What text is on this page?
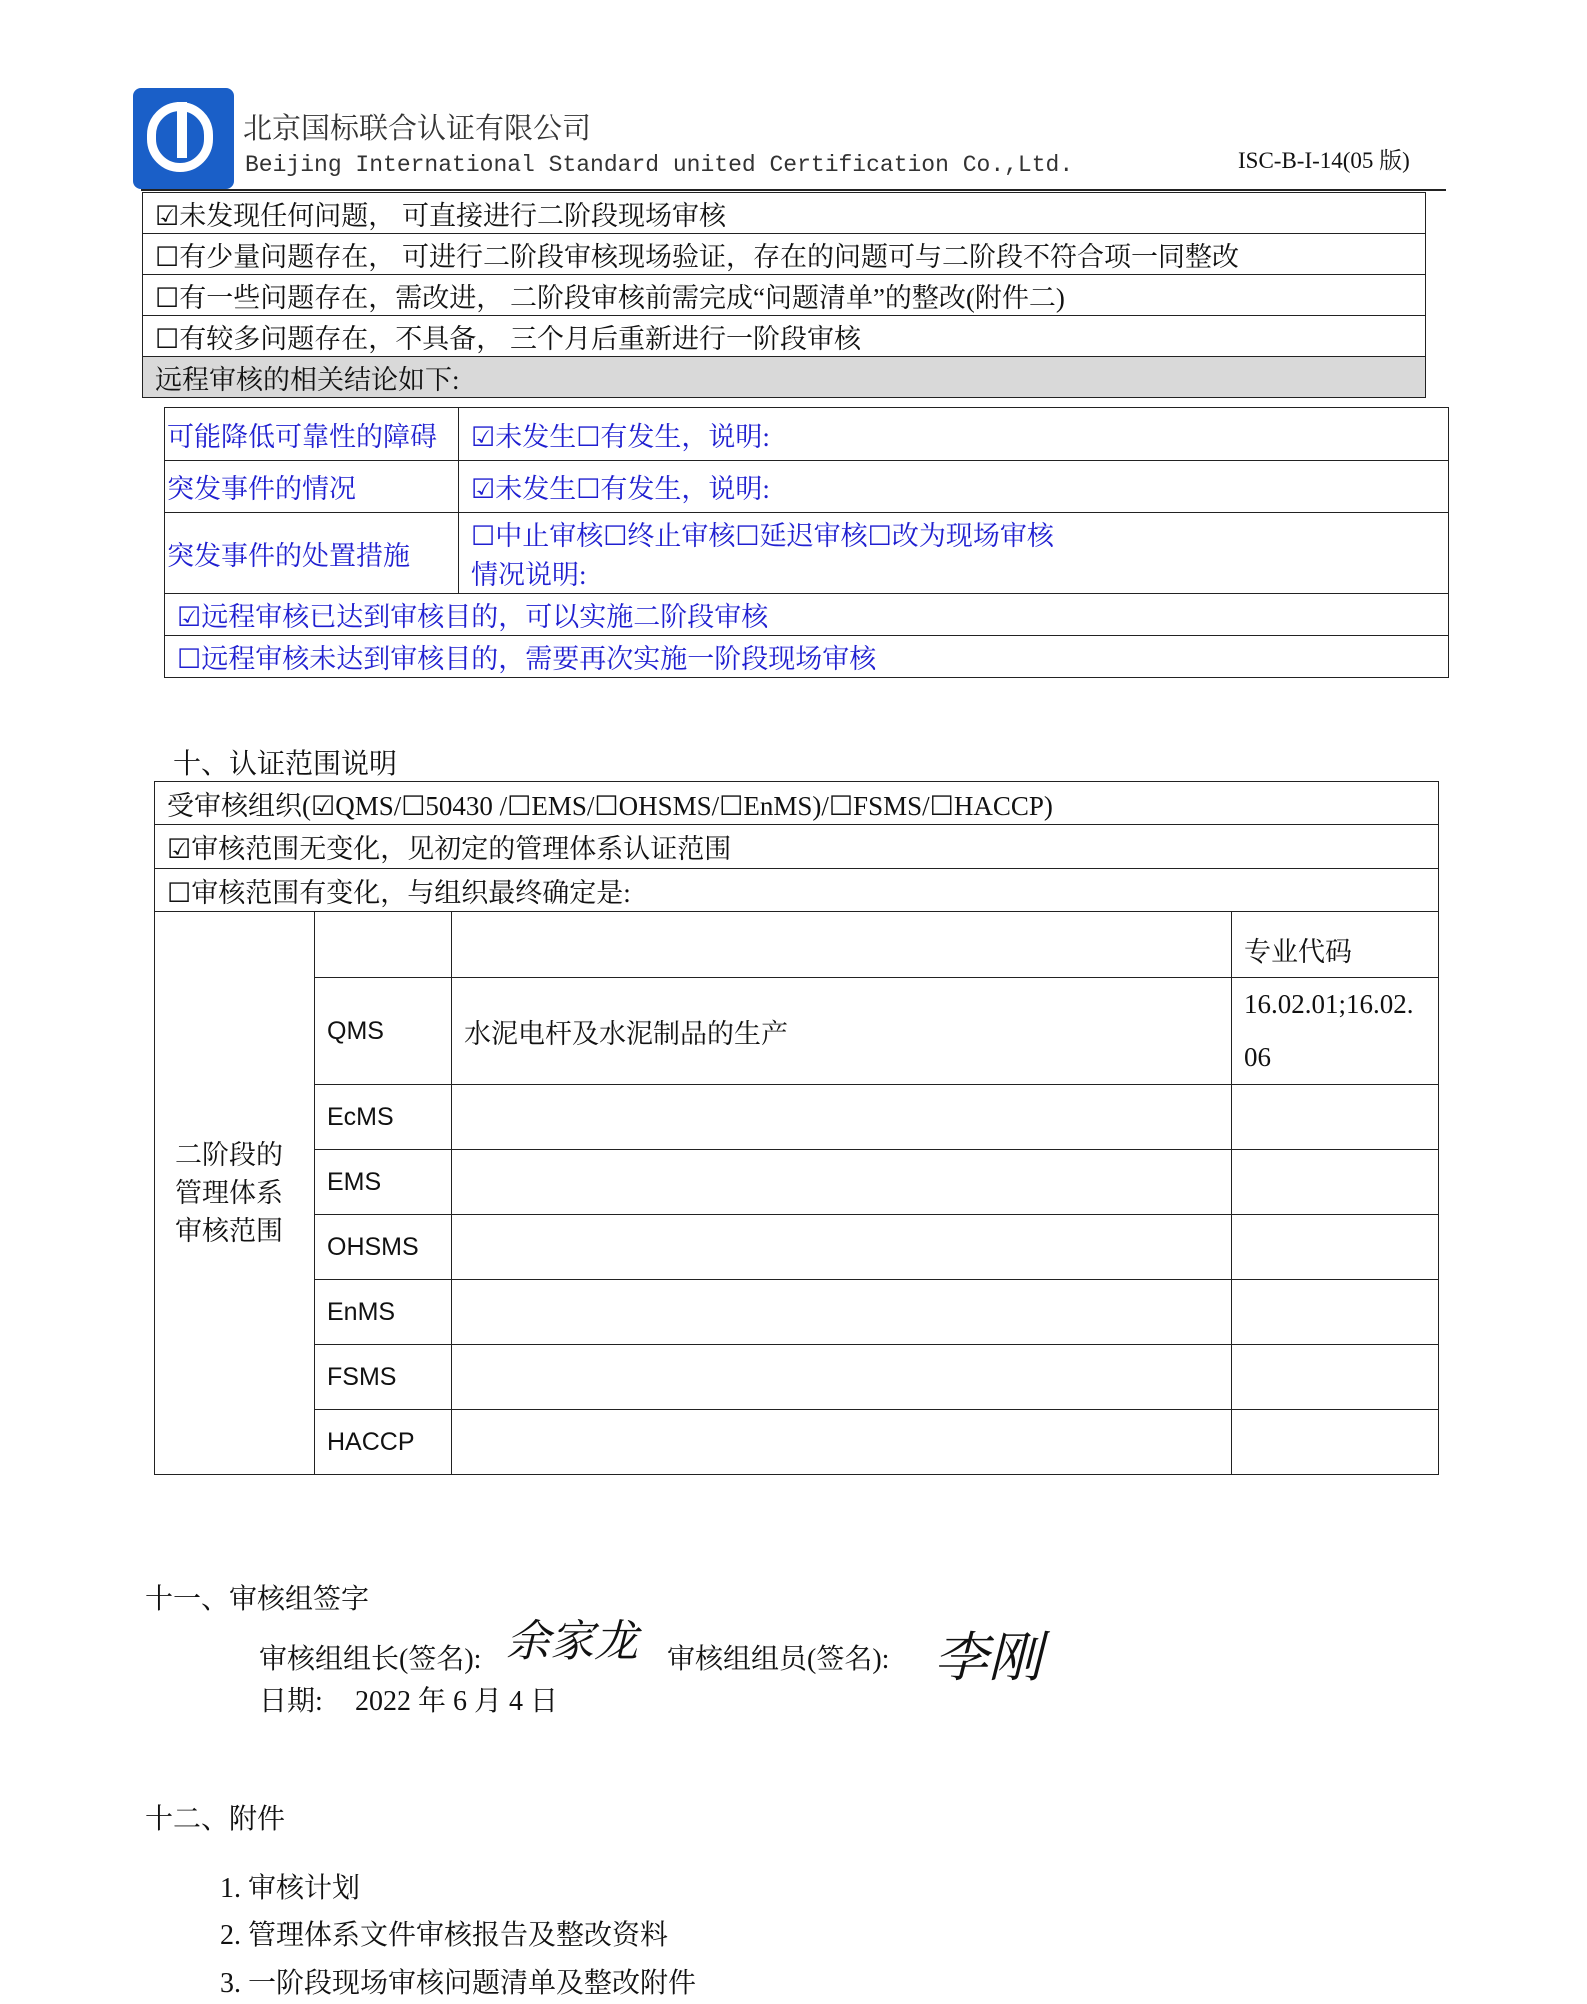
北京国标联合认证有限公司
Beijing International Standard united Certification Co.,Ltd.	ISC-B-I-14(05 版)
☑未发现任何问题， 可直接进行二阶段现场审核
☐有少量问题存在， 可进行二阶段审核现场验证，存在的问题可与二阶段不符合项一同整改
☐有一些问题存在，需改进， 二阶段审核前需完成“问题清单”的整改(附件二)
☐有较多问题存在，不具备， 三个月后重新进行一阶段审核
远程审核的相关结论如下:
可能降低可靠性的障碍	☑未发生☐有发生，说明:
突发事件的情况	☑未发生☐有发生，说明:
突发事件的处置措施	☐中止审核☐终止审核☐延迟审核☐改为现场审核
情况说明:

☑远程审核已达到审核目的，可以实施二阶段审核	
☐远程审核未达到审核目的，需要再次实施一阶段现场审核	
十、认证范围说明
受审核组织(☑QMS/☐50430 /☐EMS/☐OHSMS/☐EnMS)/☐FSMS/☐HACCP)			
☑审核范围无变化，见初定的管理体系认证范围			
☐审核范围有变化，与组织最终确定是:			
二阶段的管理体系审核范围			专业代码
	QMS	水泥电杆及水泥制品的生产	16.02.01;16.02.06
	EcMS		
	EMS		
	OHSMS		
	EnMS		
	FSMS		
	HACCP		
十一、审核组签字
审核组组长(签名): 余家龙 审核组组员(签名): 李刚
日期: 2022 年 6 月 4 日
十二、附件
1. 审核计划
2. 管理体系文件审核报告及整改资料
3. 一阶段现场审核问题清单及整改附件
